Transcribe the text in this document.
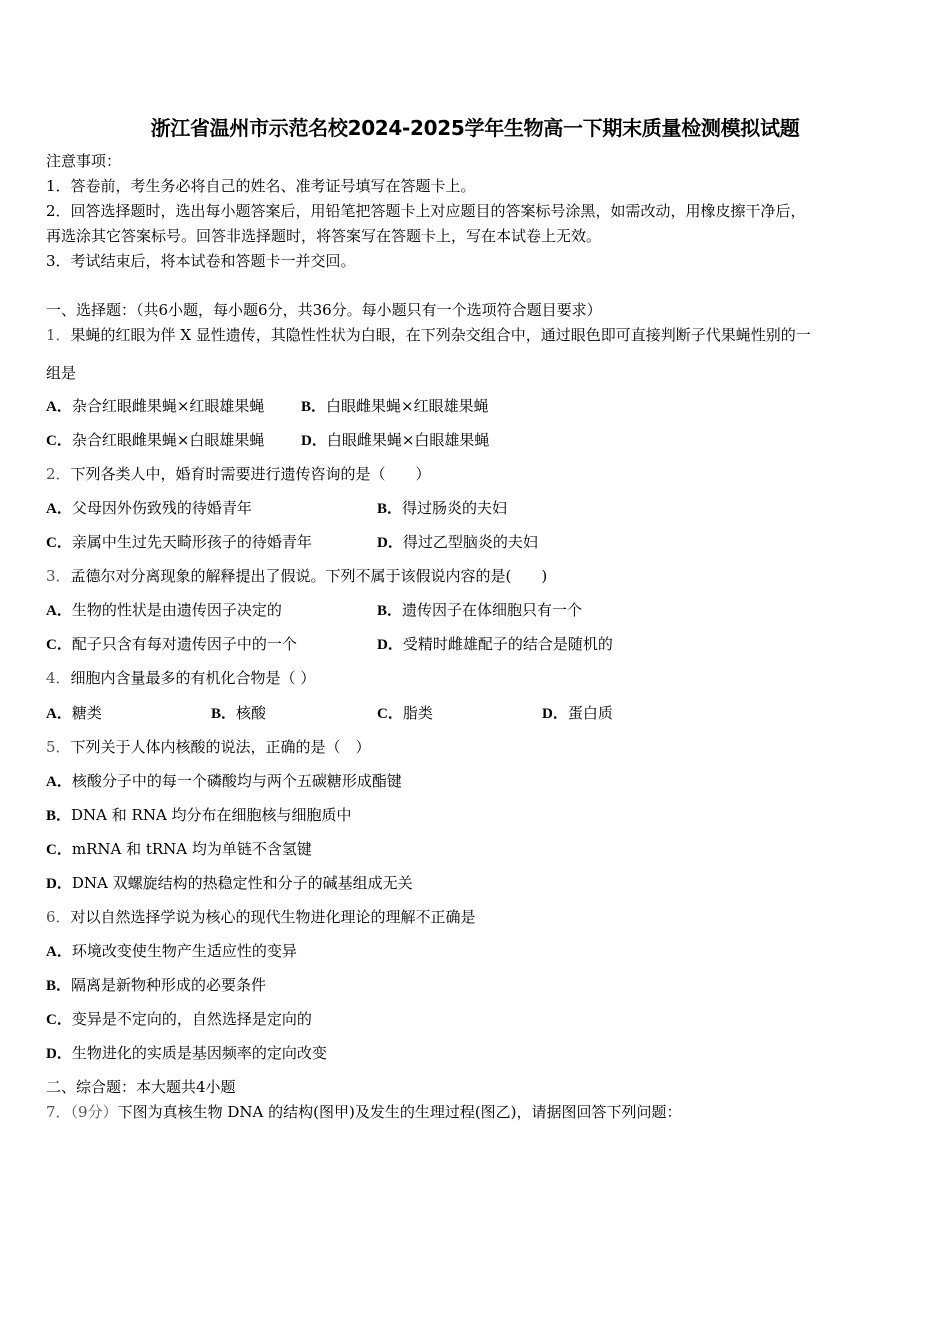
浙江省温州市示范名校2024-2025学年生物高一下期末质量检测模拟试题
注意事项：
1．答卷前，考生务必将自己的姓名、准考证号填写在答题卡上。
2．回答选择题时，选出每小题答案后，用铅笔把答题卡上对应题目的答案标号涂黑，如需改动，用橡皮擦干净后，
再选涂其它答案标号。回答非选择题时，将答案写在答题卡上，写在本试卷上无效。
3．考试结束后，将本试卷和答题卡一并交回。
一、选择题：（共6小题，每小题6分，共36分。每小题只有一个选项符合题目要求）
1．果蝇的红眼为伴 X 显性遗传，其隐性性状为白眼，在下列杂交组合中，通过眼色即可直接判断子代果蝇性别的一
组是
A．杂合红眼雌果蝇×红眼雄果蝇 B．白眼雌果蝇×红眼雄果蝇
C．杂合红眼雌果蝇×白眼雄果蝇 D．白眼雌果蝇×白眼雄果蝇
2．下列各类人中，婚育时需要进行遗传咨询的是（　　）
A．父母因外伤致残的待婚青年	B．得过肠炎的夫妇
C．亲属中生过先天畸形孩子的待婚青年	D．得过乙型脑炎的夫妇
3．孟德尔对分离现象的解释提出了假说。下列不属于该假说内容的是(　　)
A．生物的性状是由遗传因子决定的	B．遗传因子在体细胞只有一个
C．配子只含有每对遗传因子中的一个	D．受精时雌雄配子的结合是随机的
4．细胞内含量最多的有机化合物是（ ）
A．糖类	B．核酸	C．脂类	D．蛋白质
5．下列关于人体内核酸的说法，正确的是（　）
A．核酸分子中的每一个磷酸均与两个五碳糖形成酯键
B．DNA 和 RNA 均分布在细胞核与细胞质中
C．mRNA 和 tRNA 均为单链不含氢键
D．DNA 双螺旋结构的热稳定性和分子的碱基组成无关
6．对以自然选择学说为核心的现代生物进化理论的理解不正确是
A．环境改变使生物产生适应性的变异
B．隔离是新物种形成的必要条件
C．变异是不定向的，自然选择是定向的
D．生物进化的实质是基因频率的定向改变
二、综合题：本大题共4小题
7．（9分）下图为真核生物 DNA 的结构(图甲)及发生的生理过程(图乙)，请据图回答下列问题：
